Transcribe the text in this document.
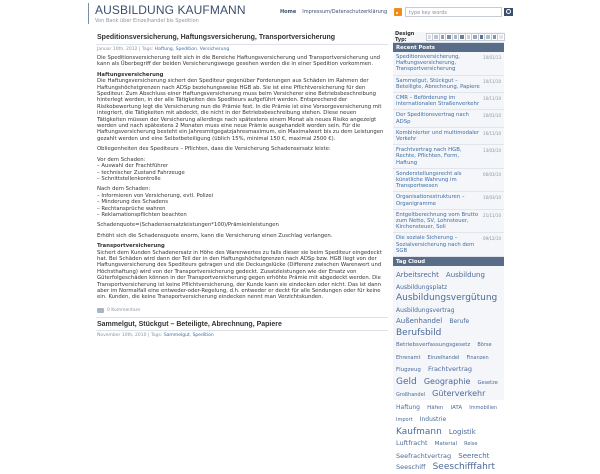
AUSBILDUNG KAUFMANN
Von Bank über Einzelhandel bis Spedition
Home Impressum/Datenschutzerklärung	type key words
Speditionsversicherung, Haftungsversicherung, Transportversicherung
Januar 10th, 2012 | Tags: Haftung, Spedition, Versicherung

Die Speditionsversicherung teilt sich in die Bereiche Haftungsversicherung und Transportversicherung und kann als Überbegriff der beiden Versicherungswege gesehen werden die in einer Spedition vorkommen.

Haftungsversicherung

Die Haftungsversicherung sichert den Spediteur gegenüber Forderungen aus Schäden im Rahmen der Haftungshöchstgrenzen nach ADSp beziehungsweise HGB ab. Sie ist eine Pflichtversicherung für den Spediteur. Zum Abschluss einer Haftungsversicherung muss beim Versicherer eine Betriebsbeschreibung hinterlegt werden, in der alle Tätigkeiten des Spediteurs aufgeführt werden. Entsprechend der Risikobewertung legt die Versicherung nun die Prämie fest. In die Prämie ist eine Vorsorgeversicherung mit integriert, die Tätigkeiten mit abdeckt, die nicht in der Betriebsbeschreibung stehen. Diese neuen Tätigkeiten müssen der Versicherung allerdings nach spätestens einem Monat als neues Risiko angezeigt werden und nach spätestens 2 Monaten muss eine neue Prämie ausgehandelt worden sein. Für die Haftungsversicherung besteht ein Jahresmitgegatzjahresmaximum, ein Maximalwert bis zu dem Leistungen gezahlt werden und eine Selbstbeteiligung (üblich 15%, minimal 150 €, maximal 2500 €).

Obliegenheiten des Spediteurs – Pflichten, dass die Versicherung Schadensersatz leiste:

Vor dem Schaden:
– Auswahl der Frachtführer
– technischer Zustand Fahrzeuge
– Schnittstellenkontrolle

Nach dem Schaden:
– Informieren von Versicherung, evtl. Polizei
– Minderung des Schadens
– Rechtansprüche wahren
– Reklamationspflichten beachten

Schadenquote=(Schadensersatzleistungen*100)/Prämieinleistungen

Erhöht sich die Schadensquote enorm, kann die Versicherung einen Zuschlag verlangen.

Transportversicherung

Sichert dem Kunden Schadenersatz in Höhe des Warenwertes zu falls dieser sie beim Spediteur eingedeckt hat. Bei Schäden wird dann der Teil der in den Haftungshöchstgrenzen nach ADSp bzw. HGB liegt von der Haftungsversicherung des Spediteurs getragen und die Deckungslücke (Differenz zwischen Warenwert und Höchsthaftung) wird von der Transportversicherung gedeckt. Zusatzleistungen wie der Ersatz von Güterfolgeschäden können in der Transportversicherung gegen erhöhte Prämie mit abgedeckt werden. Die Transportversicherung ist keine Pflichtversicherung, der Kunde kann sie eindecken oder nicht. Das ist dann aber im Normalfall eine entweder-oder-Regelung, d.h. entweder er deckt für alle Sendungen oder für keine ein. Kunden, die keine Transportversicherung eindecken nennt man Verzichtskunden.

0 Kommentare
Sammelgut, Stückgut – Beteiligte, Abrechnung, Papiere
November 10th, 2010 | Tags: Sammelgut, Spedition
Design Typ:
Recent Posts
Speditionsversicherung, Haftungsversicherung, Transportversicherung
10/01/13
Sammelgut, Stückgut – Beteiligte, Abrechnung, Papiere
10/11/10
CMR – Beförderung im internationalen Straßenverkehr
10/11/10
Der Speditionsvertrag nach ADSp
10/01/10
Kombinierter und multimodaler Verkehr
16/11/10
Frachtvertrag nach HGB, Rechte, Pflichten, Form, Haftung
13/03/10
Sonderstellungsrecht als künstliche Wahrung im Transportwesen
06/03/10
Organisationsstrukturen – Organigramme
10/03/10
Entgeltberechnung vom Brutto zum Netto, SV, Lohnsteuer, Kirchensteuer, Soli
21/11/10
Die soziale Sicherung – Sozialversicherung nach dem SGB
09/12/10
Tag Cloud
Arbeitsrecht Ausbildung Ausbildungsplatz Ausbildungsvergütung Ausbildungsvertrag Außenhandel Berufe Berufsbild Betriebsverfassungsgesetz Börse Ehrenamt Einzelhandel Finanzen Flugzeug Frachtvertrag Geld Geographie Gesetze Großhandel Güterverkehr Haftung Häfen IATA Immobilien Import Industrie Kaufmann Logistik Luftfracht Material Reise Seefrachtvertrag Seerecht Seeschiff Seeschifffahrt
